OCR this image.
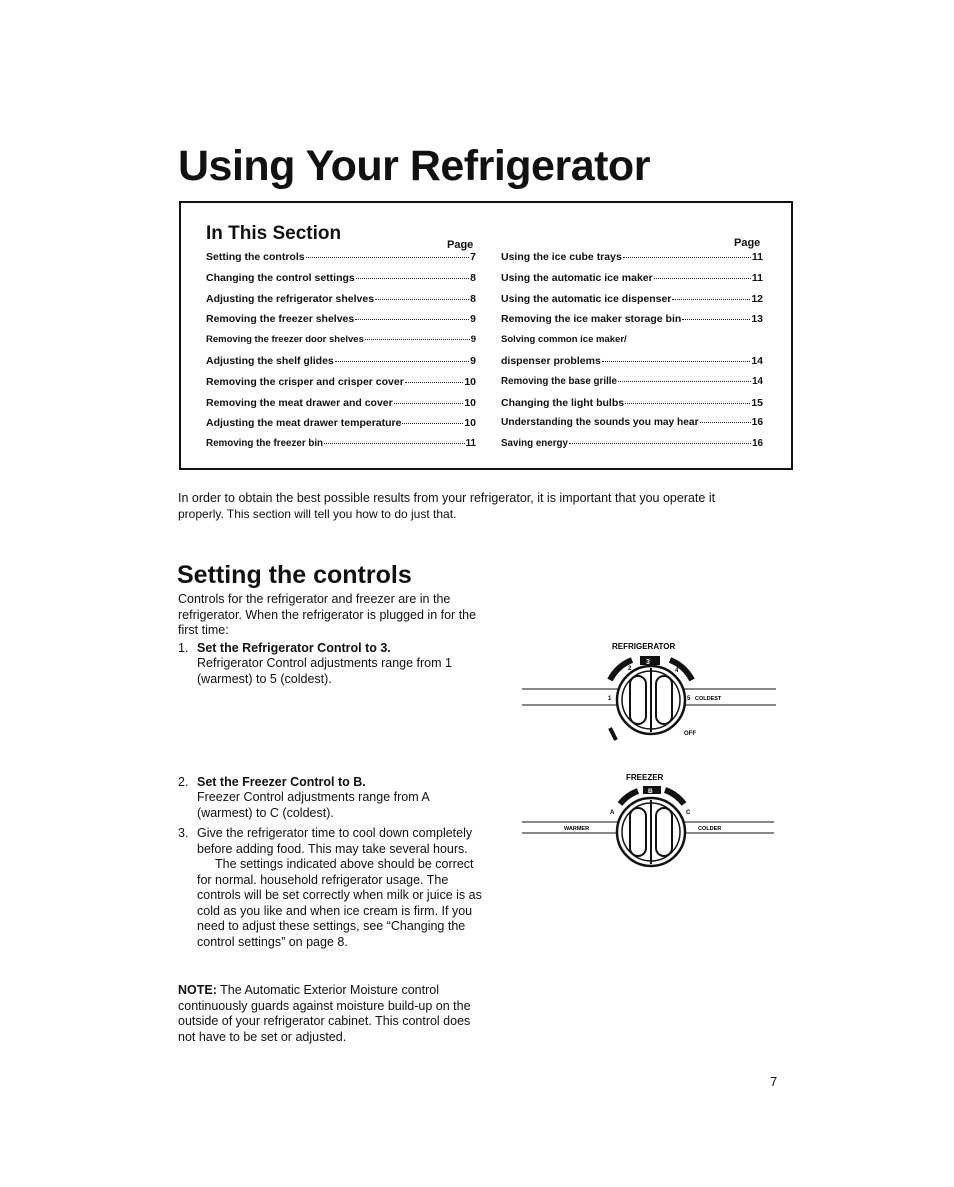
Using Your Refrigerator
In This Section
Page	Page
Setting the controls	7
Changing the control settings	8
Adjusting the refrigerator shelves	8
Removing the freezer shelves	9
Removing the freezer door shelves	9
Adjusting the shelf glides	9
Removing the crisper and crisper cover	10
Removing the meat drawer and cover	10
Adjusting the meat drawer temperature	10
Removing the freezer bin	11
Using the ice cube trays	11
Using the automatic ice maker	11
Using the automatic ice dispenser	12
Removing the ice maker storage bin	13
Solving common ice maker/
dispenser problems	14
Removing the base grille	14
Changing the light bulbs	15
Understanding the sounds you may hear	16
Saving energy	16

In order to obtain the best possible results from your refrigerator, it is important that you operate it
properly. This section will tell you how to do just that.

Setting the controls

Controls for the refrigerator and freezer are in the refrigerator. When the refrigerator is plugged in for the first time:

1. Set the Refrigerator Control to 3.
Refrigerator Control adjustments range from 1 (warmest) to 5 (coldest).
2. Set the Freezer Control to B.
Freezer Control adjustments range from A (warmest) to C (coldest).
3. Give the refrigerator time to cool down completely before adding food. This may take several hours.
The settings indicated above should be correct for normal. household refrigerator usage. The controls will be set correctly when milk or juice is as cold as you like and when ice cream is firm. If you need to adjust these settings, see “Changing the control settings” on page 8.

NOTE: The Automatic Exterior Moisture control continuously guards against moisture build-up on the outside of your refrigerator cabinet. This control does not have to be set or adjusted.

REFRIGERATOR
3
2	4
1	5 COLDEST
OFF
FREEZER
B
A	C
WARMER	COLDER
7
